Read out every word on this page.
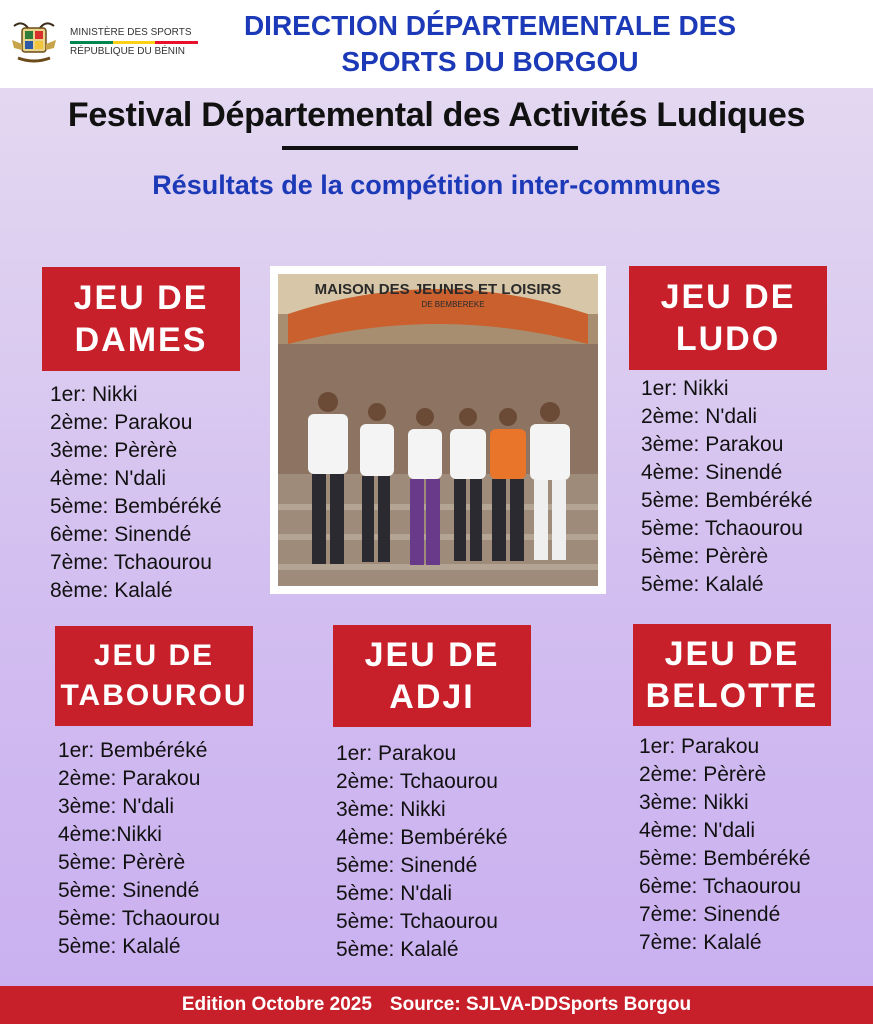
MINISTÈRE DES SPORTS
RÉPUBLIQUE DU BÉNIN
DIRECTION DÉPARTEMENTALE DES
SPORTS DU BORGOU
Festival Départemental des Activités Ludiques
Résultats de la compétition inter-communes
JEU DE
DAMES
1er: Nikki
2ème: Parakou
3ème: Pèrèrè
4ème: N'dali
5ème: Bembéréké
6ème: Sinendé
7ème: Tchaourou
8ème: Kalalé
MAISON DES JEUNES ET LOISIRS
DE BEMBEREKE	JEU DE
LUDO
1er: Nikki
2ème: N'dali
3ème: Parakou
4ème: Sinendé
5ème: Bembéréké
5ème: Tchaourou
5ème: Pèrèrè
5ème: Kalalé
JEU DE
TABOUROU
1er: Bembéréké
2ème: Parakou
3ème: N'dali
4ème:Nikki
5ème: Pèrèrè
5ème: Sinendé
5ème: Tchaourou
5ème: Kalalé
JEU DE
ADJI
1er: Parakou
2ème: Tchaourou
3ème: Nikki
4ème: Bembéréké
5ème: Sinendé
5ème: N'dali
5ème: Tchaourou
5ème: Kalalé
JEU DE
BELOTTE
1er: Parakou
2ème: Pèrèrè
3ème: Nikki
4ème: N'dali
5ème: Bembéréké
6ème: Tchaourou
7ème: Sinendé
7ème: Kalalé
Edition Octobre 2025 Source: SJLVA-DDSports Borgou
